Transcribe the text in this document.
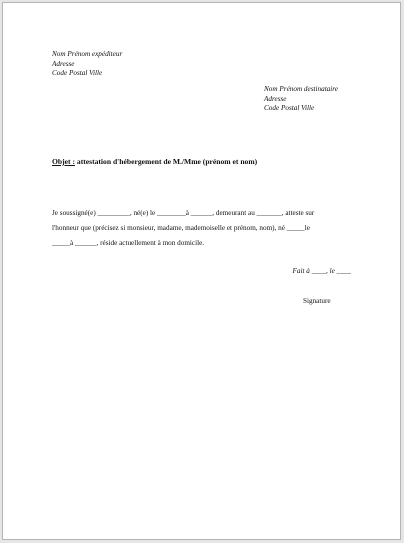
Nom Prénom expéditeur
Adresse
Code Postal Ville
Nom Prénom destinataire
Adresse
Code Postal Ville
Objet : attestation d'hébergement de M./Mme (prénom et nom)
Je soussigné(e) _________, né(e) le ________à ______, demeurant au _______, atteste sur
l'honneur que (précisez si monsieur, madame, mademoiselle et prénom, nom), né _____le
_____à ______, réside actuellement à mon domicile.
Fait à ____, le ____
Signature
